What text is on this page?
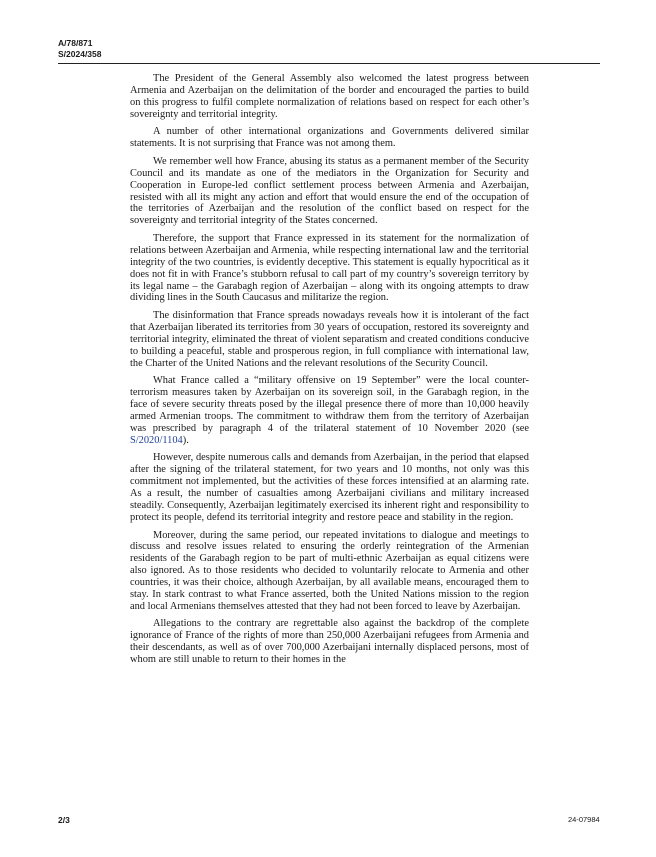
A/78/871
S/2024/358

The President of the General Assembly also welcomed the latest progress between Armenia and Azerbaijan on the delimitation of the border and encouraged the parties to build on this progress to fulfil complete normalization of relations based on respect for each other’s sovereignty and territorial integrity.

A number of other international organizations and Governments delivered similar statements. It is not surprising that France was not among them.

We remember well how France, abusing its status as a permanent member of the Security Council and its mandate as one of the mediators in the Organization for Security and Cooperation in Europe-led conflict settlement process between Armenia and Azerbaijan, resisted with all its might any action and effort that would ensure the end of the occupation of the territories of Azerbaijan and the resolution of the conflict based on respect for the sovereignty and territorial integrity of the States concerned.

Therefore, the support that France expressed in its statement for the normalization of relations between Azerbaijan and Armenia, while respecting international law and the territorial integrity of the two countries, is evidently deceptive. This statement is equally hypocritical as it does not fit in with France’s stubborn refusal to call part of my country’s sovereign territory by its legal name – the Garabagh region of Azerbaijan – along with its ongoing attempts to draw dividing lines in the South Caucasus and militarize the region.

The disinformation that France spreads nowadays reveals how it is intolerant of the fact that Azerbaijan liberated its territories from 30 years of occupation, restored its sovereignty and territorial integrity, eliminated the threat of violent separatism and created conditions conducive to building a peaceful, stable and prosperous region, in full compliance with international law, the Charter of the United Nations and the relevant resolutions of the Security Council.

What France called a “military offensive on 19 September” were the local counter-terrorism measures taken by Azerbaijan on its sovereign soil, in the Garabagh region, in the face of severe security threats posed by the illegal presence there of more than 10,000 heavily armed Armenian troops. The commitment to withdraw them from the territory of Azerbaijan was prescribed by paragraph 4 of the trilateral statement of 10 November 2020 (see S/2020/1104).

However, despite numerous calls and demands from Azerbaijan, in the period that elapsed after the signing of the trilateral statement, for two years and 10 months, not only was this commitment not implemented, but the activities of these forces intensified at an alarming rate. As a result, the number of casualties among Azerbaijani civilians and military increased steadily. Consequently, Azerbaijan legitimately exercised its inherent right and responsibility to protect its people, defend its territorial integrity and restore peace and stability in the region.

Moreover, during the same period, our repeated invitations to dialogue and meetings to discuss and resolve issues related to ensuring the orderly reintegration of the Armenian residents of the Garabagh region to be part of multi-ethnic Azerbaijan as equal citizens were also ignored. As to those residents who decided to voluntarily relocate to Armenia and other countries, it was their choice, although Azerbaijan, by all available means, encouraged them to stay. In stark contrast to what France asserted, both the United Nations mission to the region and local Armenians themselves attested that they had not been forced to leave by Azerbaijan.

Allegations to the contrary are regrettable also against the backdrop of the complete ignorance of France of the rights of more than 250,000 Azerbaijani refugees from Armenia and their descendants, as well as of over 700,000 Azerbaijani internally displaced persons, most of whom are still unable to return to their homes in the

2/3	24-07984
